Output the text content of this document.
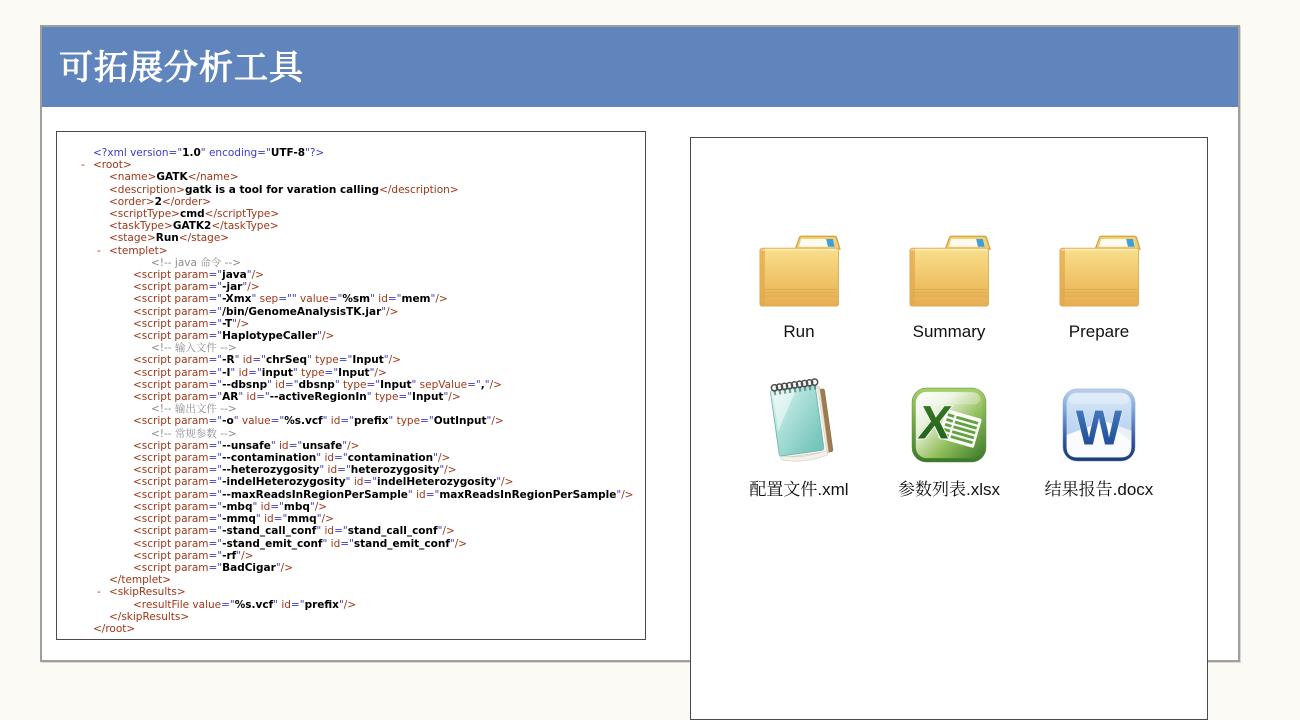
可拓展分析工具
<?xml version="1.0" encoding="UTF-8"?>
- <root>
<name>GATK</name>
<description>gatk is a tool for varation calling</description>
<order>2</order>
<scriptType>cmd</scriptType>
<taskType>GATK2</taskType>
<stage>Run</stage>
- <templet>
<!-- java 命令 -->
<script param="java"/>
<script param="-jar"/>
<script param="-Xmx" sep="" value="%sm" id="mem"/>
<script param="/bin/GenomeAnalysisTK.jar"/>
<script param="-T"/>
<script param="HaplotypeCaller"/>
<!-- 输入文件 -->
<script param="-R" id="chrSeq" type="Input"/>
<script param="-I" id="input" type="Input"/>
<script param="--dbsnp" id="dbsnp" type="Input" sepValue=","/>
<script param="AR" id="--activeRegionIn" type="Input"/>
<!-- 输出文件 -->
<script param="-o" value="%s.vcf" id="prefix" type="OutInput"/>
<!-- 常规参数 -->
<script param="--unsafe" id="unsafe"/>
<script param="--contamination" id="contamination"/>
<script param="--heterozygosity" id="heterozygosity"/>
<script param="-indelHeterozygosity" id="indelHeterozygosity"/>
<script param="--maxReadsInRegionPerSample" id="maxReadsInRegionPerSample"/>
<script param="-mbq" id="mbq"/>
<script param="-mmq" id="mmq"/>
<script param="-stand_call_conf" id="stand_call_conf"/>
<script param="-stand_emit_conf" id="stand_emit_conf"/>
<script param="-rf"/>
<script param="BadCigar"/>
</templet>
- <skipResults>
<resultFile value="%s.vcf" id="prefix"/>
</skipResults>
</root>
Run	Summary	Prepare
配置文件.xml	参数列表.xlsx	结果报告.docx
